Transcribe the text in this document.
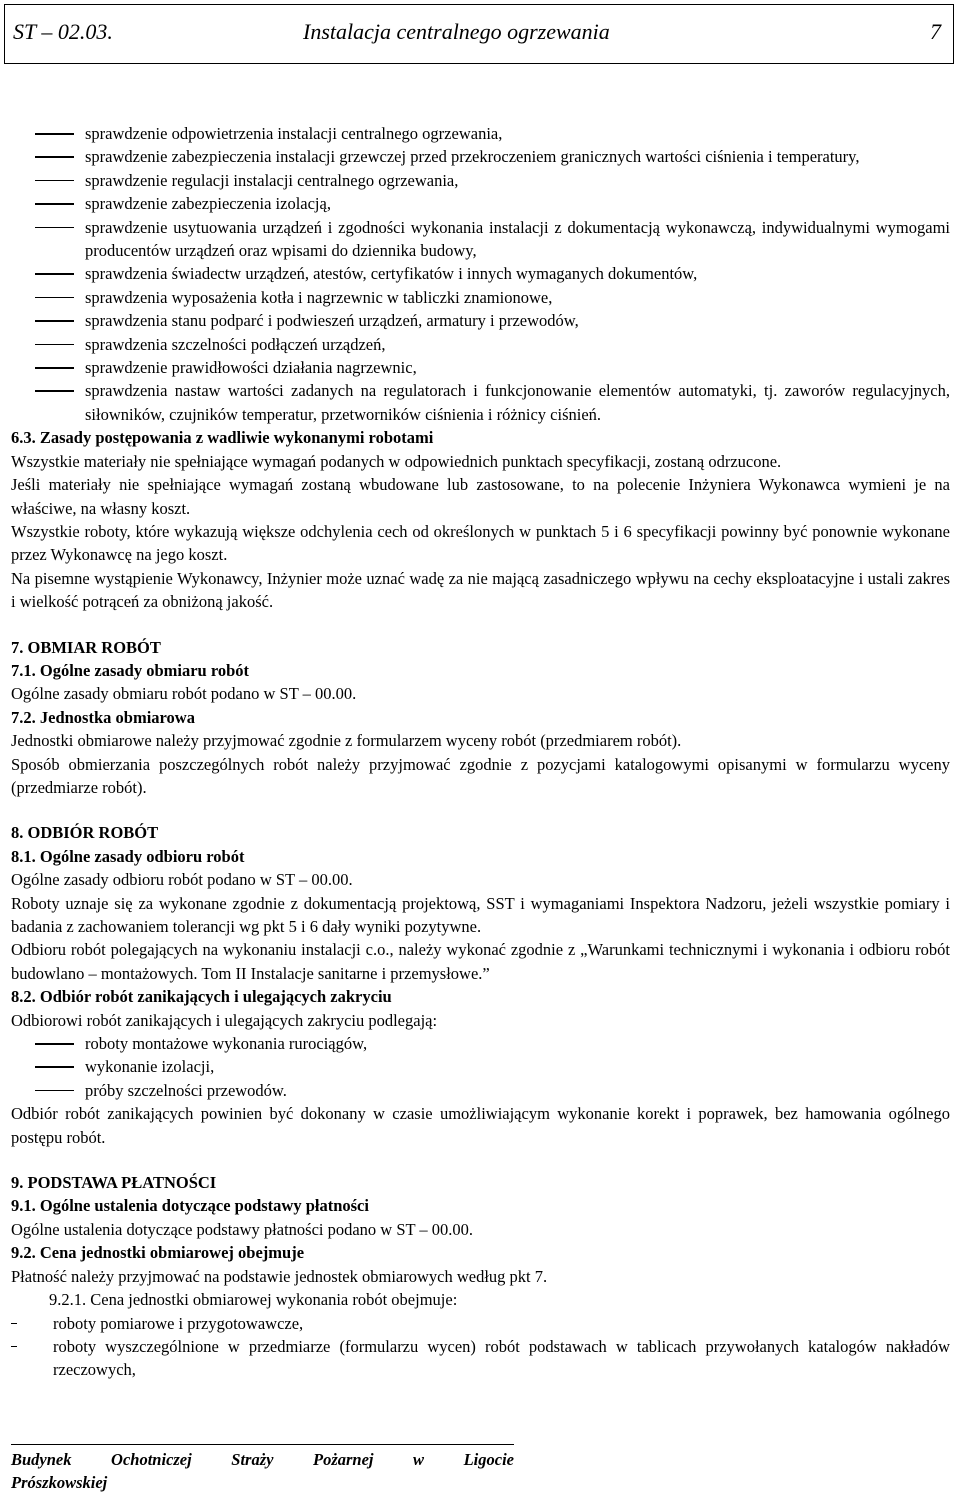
ST – 02.03.	Instalacja centralnego ogrzewania	7
sprawdzenie odpowietrzenia instalacji centralnego ogrzewania,
sprawdzenie zabezpieczenia instalacji grzewczej przed przekroczeniem granicznych wartości ciśnienia i temperatury,
sprawdzenie regulacji instalacji centralnego ogrzewania,
sprawdzenie zabezpieczenia izolacją,
sprawdzenie usytuowania urządzeń i zgodności wykonania instalacji z dokumentacją wykonawczą, indywidualnymi wymogami producentów urządzeń oraz wpisami do dziennika budowy,
sprawdzenia świadectw urządzeń, atestów, certyfikatów i innych wymaganych dokumentów,
sprawdzenia wyposażenia kotła i nagrzewnic w tabliczki znamionowe,
sprawdzenia stanu podparć i podwieszeń urządzeń, armatury i przewodów,
sprawdzenia szczelności podłączeń urządzeń,
sprawdzenie prawidłowości działania nagrzewnic,
sprawdzenia nastaw wartości zadanych na regulatorach i funkcjonowanie elementów automatyki, tj. zaworów regulacyjnych, siłowników, czujników temperatur, przetworników ciśnienia i różnicy ciśnień.
6.3. Zasady postępowania z wadliwie wykonanymi robotami
Wszystkie materiały nie spełniające wymagań podanych w odpowiednich punktach specyfikacji, zostaną odrzucone.
Jeśli materiały nie spełniające wymagań zostaną wbudowane lub zastosowane, to na polecenie Inżyniera Wykonawca wymieni je na właściwe, na własny koszt.
Wszystkie roboty, które wykazują większe odchylenia cech od określonych w punktach 5 i 6 specyfikacji powinny być ponownie wykonane przez Wykonawcę na jego koszt.
Na pisemne wystąpienie Wykonawcy, Inżynier może uznać wadę za nie mającą zasadniczego wpływu na cechy eksploatacyjne i ustali zakres i wielkość potrąceń za obniżoną jakość.
7. OBMIAR ROBÓT
7.1. Ogólne zasady obmiaru robót
Ogólne zasady obmiaru robót podano w ST – 00.00.
7.2. Jednostka obmiarowa
Jednostki obmiarowe należy przyjmować zgodnie z formularzem wyceny robót (przedmiarem robót).
Sposób obmierzania poszczególnych robót należy przyjmować zgodnie z pozycjami katalogowymi opisanymi w formularzu wyceny (przedmiarze robót).
8. ODBIÓR ROBÓT
8.1. Ogólne zasady odbioru robót
Ogólne zasady odbioru robót podano w ST – 00.00.
Roboty uznaje się za wykonane zgodnie z dokumentacją projektową, SST i wymaganiami Inspektora Nadzoru, jeżeli wszystkie pomiary i badania z zachowaniem tolerancji wg pkt 5 i 6 dały wyniki pozytywne.
Odbioru robót polegających na wykonaniu instalacji c.o., należy wykonać zgodnie z „Warunkami technicznymi i wykonania i odbioru robót budowlano – montażowych. Tom II Instalacje sanitarne i przemysłowe.”
8.2. Odbiór robót zanikających i ulegających zakryciu
Odbiorowi robót zanikających i ulegających zakryciu podlegają:
roboty montażowe wykonania rurociągów,
wykonanie izolacji,
próby szczelności przewodów.
Odbiór robót zanikających powinien być dokonany w czasie umożliwiającym wykonanie korekt i poprawek, bez hamowania ogólnego postępu robót.
9. PODSTAWA PŁATNOŚCI
9.1. Ogólne ustalenia dotyczące podstawy płatności
Ogólne ustalenia dotyczące podstawy płatności podano w ST – 00.00.
9.2. Cena jednostki obmiarowej obejmuje
Płatność należy przyjmować na podstawie jednostek obmiarowych według pkt 7.
9.2.1. Cena jednostki obmiarowej wykonania robót obejmuje:
roboty pomiarowe i przygotowawcze,
roboty wyszczególnione w przedmiarze (formularzu wycen) robót podstawach w tablicach przywołanych katalogów nakładów rzeczowych,
Budynek Ochotniczej Straży Pożarnej w Ligocie
Prószkowskiej
